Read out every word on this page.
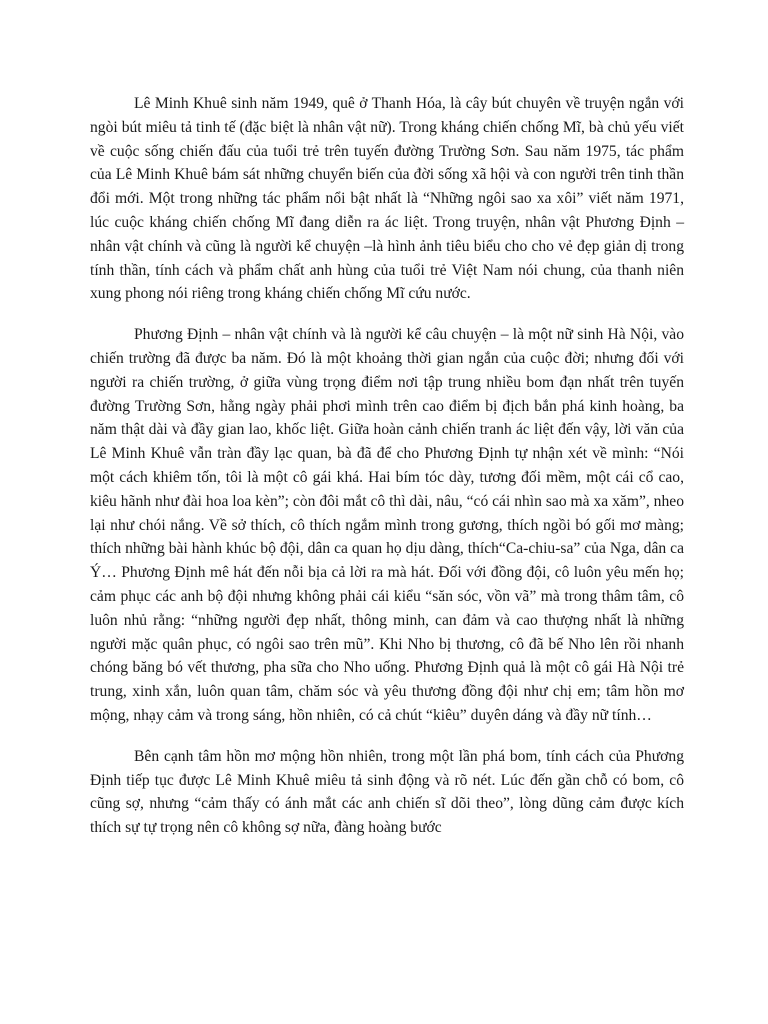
Lê Minh Khuê sinh năm 1949, quê ở Thanh Hóa, là cây bút chuyên về truyện ngắn với ngòi bút miêu tả tinh tế (đặc biệt là nhân vật nữ). Trong kháng chiến chống Mĩ, bà chủ yếu viết về cuộc sống chiến đấu của tuổi trẻ trên tuyến đường Trường Sơn. Sau năm 1975, tác phẩm của Lê Minh Khuê bám sát những chuyển biến của đời sống xã hội và con người trên tinh thần đổi mới. Một trong những tác phẩm nổi bật nhất là “Những ngôi sao xa xôi” viết năm 1971, lúc cuộc kháng chiến chống Mĩ đang diễn ra ác liệt. Trong truyện, nhân vật Phương Định – nhân vật chính và cũng là người kể chuyện –là hình ảnh tiêu biểu cho cho vẻ đẹp giản dị trong tính thần, tính cách và phẩm chất anh hùng của tuổi trẻ Việt Nam nói chung, của thanh niên xung phong nói riêng trong kháng chiến chống Mĩ cứu nước.

Phương Định – nhân vật chính và là người kể câu chuyện – là một nữ sinh Hà Nội, vào chiến trường đã được ba năm. Đó là một khoảng thời gian ngắn của cuộc đời; nhưng đối với người ra chiến trường, ở giữa vùng trọng điểm nơi tập trung nhiều bom đạn nhất trên tuyến đường Trường Sơn, hằng ngày phải phơi mình trên cao điểm bị địch bắn phá kinh hoàng, ba năm thật dài và đầy gian lao, khốc liệt. Giữa hoàn cảnh chiến tranh ác liệt đến vậy, lời văn của Lê Minh Khuê vẫn tràn đầy lạc quan, bà đã để cho Phương Định tự nhận xét về mình: “Nói một cách khiêm tốn, tôi là một cô gái khá. Hai bím tóc dày, tương đối mềm, một cái cổ cao, kiêu hãnh như đài hoa loa kèn”; còn đôi mắt cô thì dài, nâu, “có cái nhìn sao mà xa xăm”, nheo lại như chói nắng. Về sở thích, cô thích ngắm mình trong gương, thích ngồi bó gối mơ màng; thích những bài hành khúc bộ đội, dân ca quan họ dịu dàng, thích“Ca-chiu-sa” của Nga, dân ca Ý… Phương Định mê hát đến nỗi bịa cả lời ra mà hát. Đối với đồng đội, cô luôn yêu mến họ; cảm phục các anh bộ đội nhưng không phải cái kiểu “săn sóc, vồn vã” mà trong thâm tâm, cô luôn nhủ rằng: “những người đẹp nhất, thông minh, can đảm và cao thượng nhất là những người mặc quân phục, có ngôi sao trên mũ”. Khi Nho bị thương, cô đã bế Nho lên rồi nhanh chóng băng bó vết thương, pha sữa cho Nho uống. Phương Định quả là một cô gái Hà Nội trẻ trung, xinh xắn, luôn quan tâm, chăm sóc và yêu thương đồng đội như chị em; tâm hồn mơ mộng, nhạy cảm và trong sáng, hồn nhiên, có cả chút “kiêu” duyên dáng và đầy nữ tính…

Bên cạnh tâm hồn mơ mộng hồn nhiên, trong một lần phá bom, tính cách của Phương Định tiếp tục được Lê Minh Khuê miêu tả sinh động và rõ nét. Lúc đến gần chỗ có bom, cô cũng sợ, nhưng “cảm thấy có ánh mắt các anh chiến sĩ dõi theo”, lòng dũng cảm được kích thích sự tự trọng nên cô không sợ nữa, đàng hoàng bước
